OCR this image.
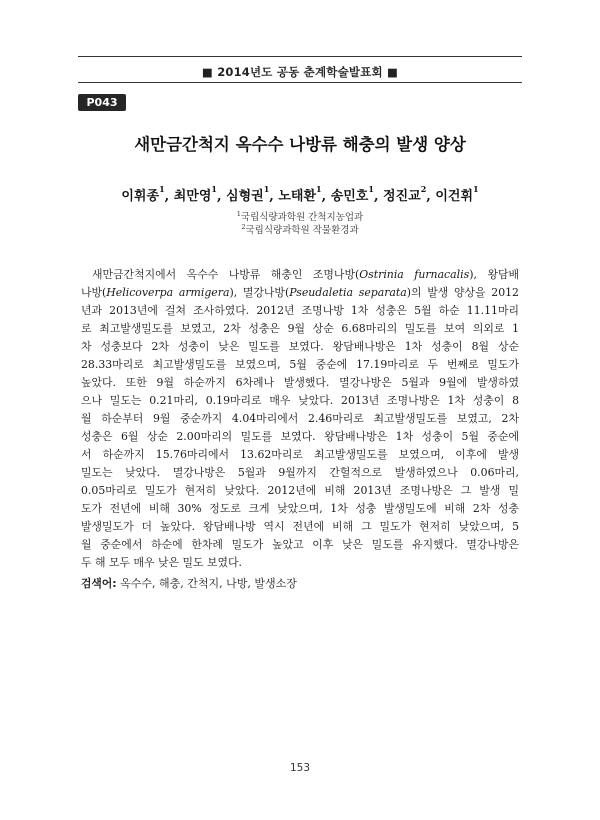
■ 2014년도 공동 춘계학술발표회 ■
P043
새만금간척지 옥수수 나방류 해충의 발생 양상
이휘종$^1$, 최만영$^1$, 심형권$^1$, 노태환$^1$, 송민호$^1$, 정진교$^2$, 이건휘$^1$
$^1$국립식량과학원 간척지농업과
$^2$국립식량과학원 작물환경과
새만금간척지에서 옥수수 나방류 해충인 조명나방(Ostrinia furnacalis), 왕담배
나방(Helicoverpa armigera), 멸강나방(Pseudaletia separata)의 발생 양상을 2012
년과 2013년에 걸쳐 조사하였다. 2012년 조명나방 1차 성충은 5월 하순 11.11마리
로 최고발생밀도를 보였고, 2차 성충은 9월 상순 6.68마리의 밀도를 보여 의외로 1
차 성충보다 2차 성충이 낮은 밀도를 보였다. 왕담배나방은 1차 성충이 8월 상순
28.33마리로 최고발생밀도를 보였으며, 5월 중순에 17.19마리로 두 번째로 밀도가
높았다. 또한 9월 하순까지 6차례나 발생했다. 멸강나방은 5월과 9월에 발생하였
으나 밀도는 0.21마리, 0.19마리로 매우 낮았다. 2013년 조명나방은 1차 성충이 8
월 하순부터 9월 중순까지 4.04마리에서 2.46마리로 최고발생밀도를 보였고, 2차
성충은 6월 상순 2.00마리의 밀도를 보였다. 왕담배나방은 1차 성충이 5월 중순에
서 하순까지 15.76마리에서 13.62마리로 최고발생밀도를 보였으며, 이후에 발생
밀도는 낮았다. 멸강나방은 5월과 9월까지 간헐적으로 발생하였으나 0.06마리,
0.05마리로 밀도가 현저히 낮았다. 2012년에 비해 2013년 조명나방은 그 발생 밀
도가 전년에 비해 30% 정도로 크게 낮았으며, 1차 성충 발생밀도에 비해 2차 성충
발생밀도가 더 높았다. 왕담배나방 역시 전년에 비해 그 밀도가 현저히 낮았으며, 5
월 중순에서 하순에 한차례 밀도가 높았고 이후 낮은 밀도를 유지했다. 멸강나방은
두 해 모두 매우 낮은 밀도 보였다.
검색어: 옥수수, 해충, 간척지, 나방, 발생소장
153
